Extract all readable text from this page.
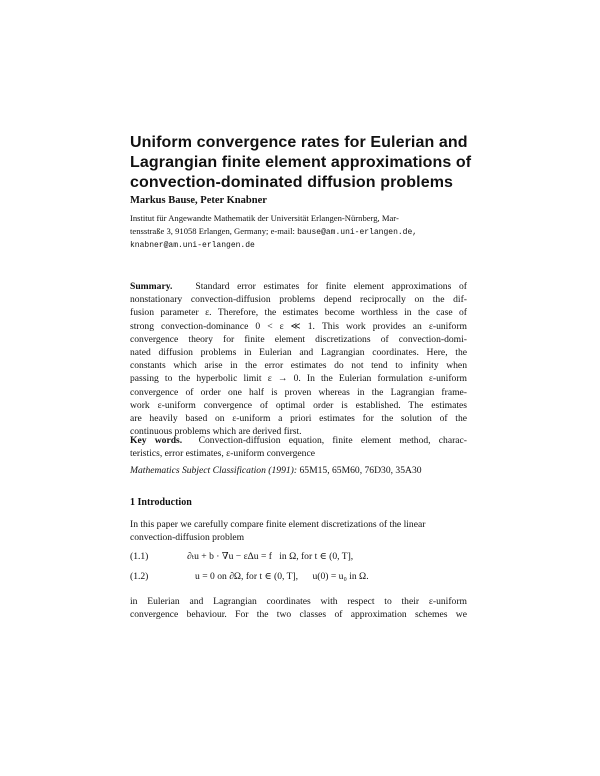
Uniform convergence rates for Eulerian and
Lagrangian finite element approximations of
convection-dominated diffusion problems
Markus Bause, Peter Knabner
Institut für Angewandte Mathematik der Universität Erlangen-Nürnberg, Mar-
tensstraße 3, 91058 Erlangen, Germany; e-mail: bause@am.uni-erlangen.de,
knabner@am.uni-erlangen.de
Summary. Standard error estimates for finite element approximations of
nonstationary convection-diffusion problems depend reciprocally on the dif-
fusion parameter ε. Therefore, the estimates become worthless in the case of
strong convection-dominance 0 < ε ≪ 1. This work provides an ε-uniform
convergence theory for finite element discretizations of convection-domi-
nated diffusion problems in Eulerian and Lagrangian coordinates. Here, the
constants which arise in the error estimates do not tend to infinity when
passing to the hyperbolic limit ε → 0. In the Eulerian formulation ε-uniform
convergence of order one half is proven whereas in the Lagrangian frame-
work ε-uniform convergence of optimal order is established. The estimates
are heavily based on ε-uniform a priori estimates for the solution of the
continuous problems which are derived first.
Key words. Convection-diffusion equation, finite element method, charac-
teristics, error estimates, ε-uniform convergence
Mathematics Subject Classification (1991): 65M15, 65M60, 76D30, 35A30
1 Introduction
In this paper we carefully compare finite element discretizations of the linear
convection-diffusion problem
(1.1)	∂ₜu + b · ∇u − εΔu = f in Ω, for t ∈ (0, T],
(1.2)	u = 0 on ∂Ω, for t ∈ (0, T], u(0) = u₀ in Ω.
in Eulerian and Lagrangian coordinates with respect to their ε-uniform
convergence behaviour. For the two classes of approximation schemes we
